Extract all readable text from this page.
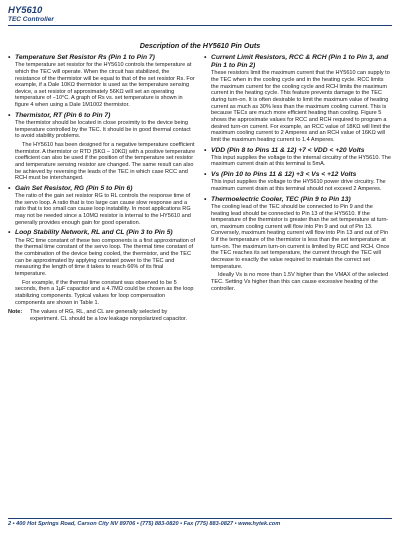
HY5610
TEC Controller
Description of the HY5610 Pin Outs
• Temperature Set Resistor Rs (Pin 1 to Pin 7)
The temperature set resistor for the HY5610 controls the temperature at which the TEC will operate. When the circuit has stabilized, the resistance of the thermistor will be equal to that of the set resistor Rs. For example, if a Dale 10KΩ thermistor is used as the temperature sensing device, a set resistor of approximately 56KΩ will set an operating temperature of −10°C. A graph of Rs vs. set temperature is shown in figure 4 when using a Dale 1M1002 thermistor.
• Thermistor, RT (Pin 6 to Pin 7)
The thermistor should be located in close proximity to the device being temperature controlled by the TEC. It should be in good thermal contact to avoid stability problems.
The HY5610 has been designed for a negative temperature coefficient thermistor. A thermistor or RTD (5KΩ – 10KΩ) with a positive temperature coefficient can also be used if the position of the temperature set resistor and temperature sensing resistor are changed. The same result can also be achieved by reversing the leads of the TEC in which case RCC and RCH must be interchanged.
• Gain Set Resistor, RG (Pin 5 to Pin 6)
The ratio of the gain set resistor RG to RL controls the response time of the servo loop. A ratio that is too large can cause slow response and a ratio that is too small can cause loop instability. In most applications RG may not be needed since a 10MΩ resistor is internal to the HY5610 and generally provides enough gain for good operation.
• Loop Stability Network, RL and CL (Pin 3 to Pin 5)
The RC time constant of these two components is a first approximation of the thermal time constant of the servo loop. The thermal time constant of the combination of the device being cooled, the thermistor, and the TEC can be approximated by applying constant power to the TEC and measuring the length of time it takes to reach 66% of its final temperature.
For example, if the thermal time constant was observed to be 5 seconds, then a 1µF capacitor and a 4.7MΩ could be chosen as the loop stabilizing components. Typical values for loop compensation components are shown in Table 1.
Note:	The values of RG, RL, and CL are generally selected by experiment. CL should be a low leakage nonpolarized capacitor.
• Current Limit Resistors, RCC & RCH (Pin 1 to Pin 3, and Pin 1 to Pin 2)
These resistors limit the maximum current that the HY5610 can supply to the TEC when in the cooling cycle and in the heating cycle. RCC limits the maximum current for the cooling cycle and RCH limits the maximum current in the heating cycle. This feature prevents damage to the TEC during turn-on. It is often desirable to limit the maximum value of heating current as much as 30% less than the maximum cooling current. This is because TECs are much more efficient heating than cooling. Figure 5 shows the approximate values for RCC and RCH required to program a desired turn-on current. For example, an RCC value of 18KΩ will limit the maximum cooling current to 2 Amperes and an RCH value of 16KΩ will limit the maximum heating current to 1.4 Amperes.
• VDD (Pin 8 to Pins 11 & 12) +7 < VDD < +20 Volts
This input supplies the voltage to the internal circuitry of the HY5610. The maximum current drain at this terminal is 5mA.
• Vs (Pin 10 to Pins 11 & 12) +3 < Vs < +12 Volts
This input supplies the voltage to the HY5610 power drive circuitry. The maximum current drain at this terminal should not exceed 2 Amperes.
• Thermoelectric Cooler, TEC (Pin 9 to Pin 13)
The cooling lead of the TEC should be connected to Pin 9 and the heating lead should be connected to Pin 13 of the HY5610. If the temperature of the thermistor is greater than the set temperature at turn-on, maximum cooling current will flow into Pin 9 and out of Pin 13. Conversely, maximum heating current will flow into Pin 13 and out of Pin 9 if the temperature of the thermistor is less than the set temperature at turn-on. The maximum turn-on current is limited by RCC and RCH. Once the TEC reaches its set temperature, the current through the TEC will decrease to exactly the value required to maintain the correct set temperature.
Ideally Vs is no more than 1.5V higher than the VMAX of the selected TEC. Setting Vs higher than this can cause excessive heating of the controller.
2 • 400 Hot Springs Road, Carson City NV 89706 • (775) 883-0820 • Fax (775) 883-0827 • www.hytek.com
